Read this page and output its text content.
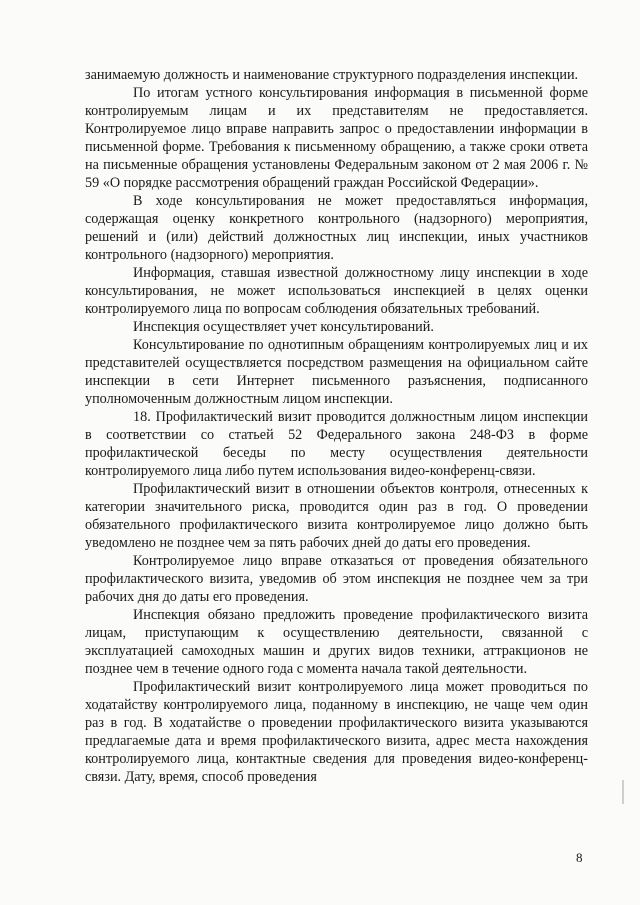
занимаемую должность и наименование структурного подразделения инспекции.

По итогам устного консультирования информация в письменной форме контролируемым лицам и их представителям не предоставляется. Контролируемое лицо вправе направить запрос о предоставлении информации в письменной форме. Требования к письменному обращению, а также сроки ответа на письменные обращения установлены Федеральным законом от 2 мая 2006 г. № 59 «О порядке рассмотрения обращений граждан Российской Федерации».

В ходе консультирования не может предоставляться информация, содержащая оценку конкретного контрольного (надзорного) мероприятия, решений и (или) действий должностных лиц инспекции, иных участников контрольного (надзорного) мероприятия.

Информация, ставшая известной должностному лицу инспекции в ходе консультирования, не может использоваться инспекцией в целях оценки контролируемого лица по вопросам соблюдения обязательных требований.

Инспекция осуществляет учет консультирований.

Консультирование по однотипным обращениям контролируемых лиц и их представителей осуществляется посредством размещения на официальном сайте инспекции в сети Интернет письменного разъяснения, подписанного уполномоченным должностным лицом инспекции.

18. Профилактический визит проводится должностным лицом инспекции в соответствии со статьей 52 Федерального закона 248-ФЗ в форме профилактической беседы по месту осуществления деятельности контролируемого лица либо путем использования видео-конференц-связи.

Профилактический визит в отношении объектов контроля, отнесенных к категории значительного риска, проводится один раз в год. О проведении обязательного профилактического визита контролируемое лицо должно быть уведомлено не позднее чем за пять рабочих дней до даты его проведения.

Контролируемое лицо вправе отказаться от проведения обязательного профилактического визита, уведомив об этом инспекция не позднее чем за три рабочих дня до даты его проведения.

Инспекция обязано предложить проведение профилактического визита лицам, приступающим к осуществлению деятельности, связанной с эксплуатацией самоходных машин и других видов техники, аттракционов не позднее чем в течение одного года с момента начала такой деятельности.

Профилактический визит контролируемого лица может проводиться по ходатайству контролируемого лица, поданному в инспекцию, не чаще чем один раз в год. В ходатайстве о проведении профилактического визита указываются предлагаемые дата и время профилактического визита, адрес места нахождения контролируемого лица, контактные сведения для проведения видео-конференц-связи. Дату, время, способ проведения

8
